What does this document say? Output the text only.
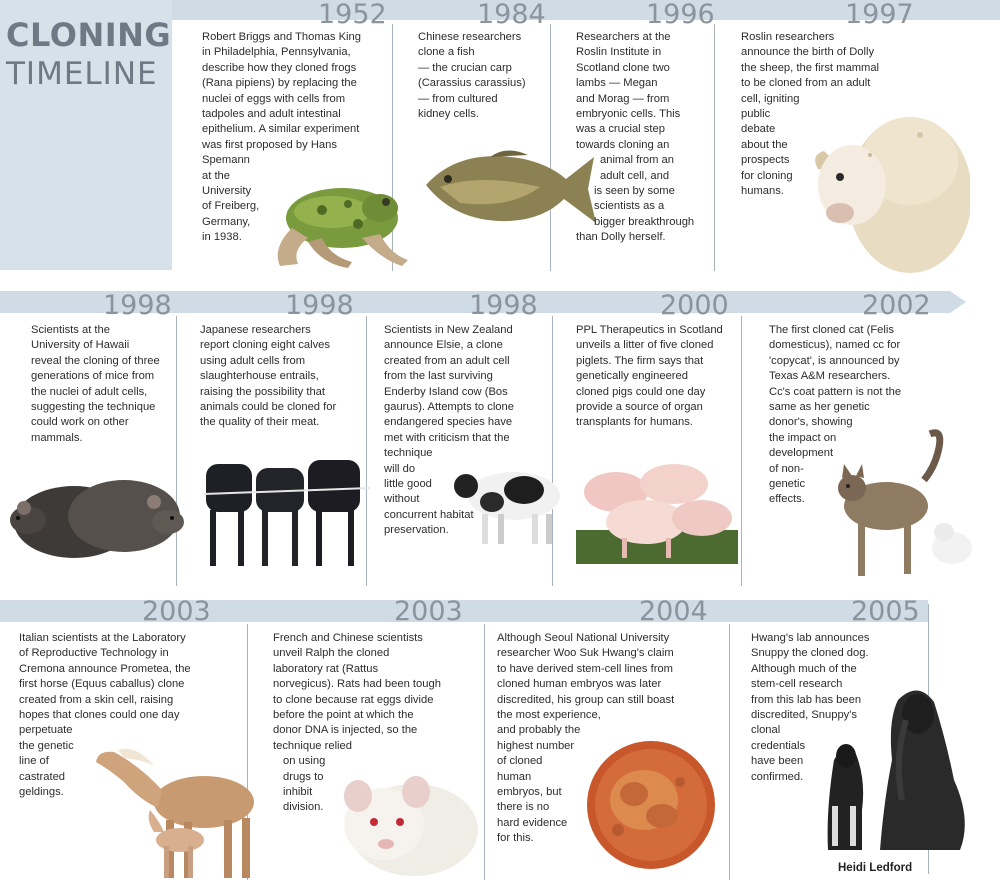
CLONING
TIMELINE
1952	1984	1996	1997
Robert Briggs and Thomas King
in Philadelphia, Pennsylvania,
describe how they cloned frogs
(Rana pipiens) by replacing the
nuclei of eggs with cells from
tadpoles and adult intestinal
epithelium. A similar experiment
was first proposed by Hans
Spemann
at the
University
of Freiberg,
Germany,
in 1938.
Chinese researchers
clone a fish
— the crucian carp
(Carassius carassius)
— from cultured
kidney cells.
Researchers at the
Roslin Institute in
Scotland clone two
lambs — Megan
and Morag — from
embryonic cells. This
was a crucial step
towards cloning an
animal from an
adult cell, and
is seen by some
scientists as a
bigger breakthrough
than Dolly herself.
Roslin researchers
announce the birth of Dolly
the sheep, the first mammal
to be cloned from an adult
cell, igniting
public
debate
about the
prospects
for cloning
humans.
1998	1998	1998	2000	2002
Scientists at the
University of Hawaii
reveal the cloning of three
generations of mice from
the nuclei of adult cells,
suggesting the technique
could work on other
mammals.
Japanese researchers
report cloning eight calves
using adult cells from
slaughterhouse entrails,
raising the possibility that
animals could be cloned for
the quality of their meat.
Scientists in New Zealand
announce Elsie, a clone
created from an adult cell
from the last surviving
Enderby Island cow (Bos
gaurus). Attempts to clone
endangered species have
met with criticism that the
technique
will do
little good
without
concurrent habitat
preservation.
PPL Therapeutics in Scotland
unveils a litter of five cloned
piglets. The firm says that
genetically engineered
cloned pigs could one day
provide a source of organ
transplants for humans.
The first cloned cat (Felis
domesticus), named cc for
'copycat', is announced by
Texas A&M researchers.
Cc's coat pattern is not the
same as her genetic
donor's, showing
the impact on
development
of non-
genetic
effects.
2003	2003	2004	2005
Italian scientists at the Laboratory
of Reproductive Technology in
Cremona announce Prometea, the
first horse (Equus caballus) clone
created from a skin cell, raising
hopes that clones could one day
perpetuate
the genetic
line of
castrated
geldings.
French and Chinese scientists
unveil Ralph the cloned
laboratory rat (Rattus
norvegicus). Rats had been tough
to clone because rat eggs divide
before the point at which the
donor DNA is injected, so the
technique relied
on using
drugs to
inhibit
division.
Although Seoul National University
researcher Woo Suk Hwang's claim
to have derived stem-cell lines from
cloned human embryos was later
discredited, his group can still boast
the most experience,
and probably the
highest number
of cloned
human
embryos, but
there is no
hard evidence
for this.
Hwang's lab announces
Snuppy the cloned dog.
Although much of the
stem-cell research
from this lab has been
discredited, Snuppy's
clonal
credentials
have been
confirmed.
Heidi Ledford
